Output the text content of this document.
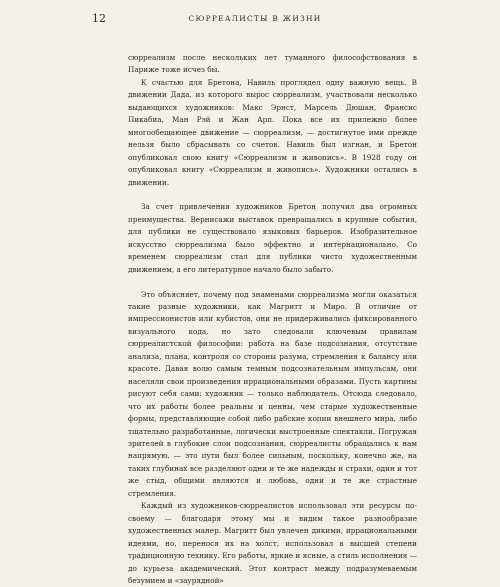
12	СЮРРЕАЛИСТЫ В ЖИЗНИ

сюрреализм после нескольких лет туманного философствования в Париже тоже исчез бы.

К счастью для Бретона, Навиль проглядел одну важную вещь. В движении Дада, из которого вырос сюрреализм, участвовали несколько выдающихся художников: Макс Эрнст, Марсель Дюшан, Франсис Пикабиа, Ман Рэй и Жан Арп. Пока все их прилежно более многообещающее движение — сюрреализм, — достигнутое ими прежде нельзя было сбрасывать со счетов. Навиль был изгнан, и Бретон опубликовал свою книгу «Сюрреализм и живопись». В 1928 году он опубликовал книгу «Сюрреализм и живопись». Художники остались в движении.

За счет привлечения художников Бретон получил два огромных преимущества. Вернисажи выставок превращались в крупные события, для публики не существовало языковых барьеров. Изобразительное искусство сюрреализма было эффектно и интернационально. Со временем сюрреализм стал для публики чисто художественным движением, а его литературное начало было забыто.

Это объясняет, почему под знаменами сюрреализма могли оказаться такие разные художники, как Магритт и Миро. В отличие от импрессионистов или кубистов, они не придерживались фиксированного визуального кода, но зато следовали ключевым правилам сюрреалистской философии: работа на базе подсознания, отсутствие анализа, плана, контроля со стороны разума, стремления к балансу или красоте. Давая волю самым темным подсознательным импульсам, они населяли свои произведения иррациональными образами. Пусть картины рисуют себя сами: художник — только наблюдатель. Отсюда следовало, что их работы более реальны и ценны, чем старые художественные формы, представляющие собой либо рабские копии внешнего мира, либо тщательно разработанные, логически выстроенные спектакли. Погружая зрителей в глубокие слои подсознания, сюрреалисты обращались к нам напрямую, — это пути был более сильным, поскольку, конечно же, на таких глубинах все разделяют одни и те же надежды и страхи, один и тот же стыд, общими являются и любовь, одни и те же страстные стремления.

Каждый из художников-сюрреалистов использовал эти ресурсы по-своему — благодаря этому мы и видим такое разнообразие художественных манер. Магритт был увлечен дикими, иррациональными идеями, но, перенося их на холст, использовал в высшей степени традиционную технику. Его работы, яркие и ясные, а стиль исполнения — до курьеза академический. Этот контраст между подразумеваемым безумием и «заурядной»
